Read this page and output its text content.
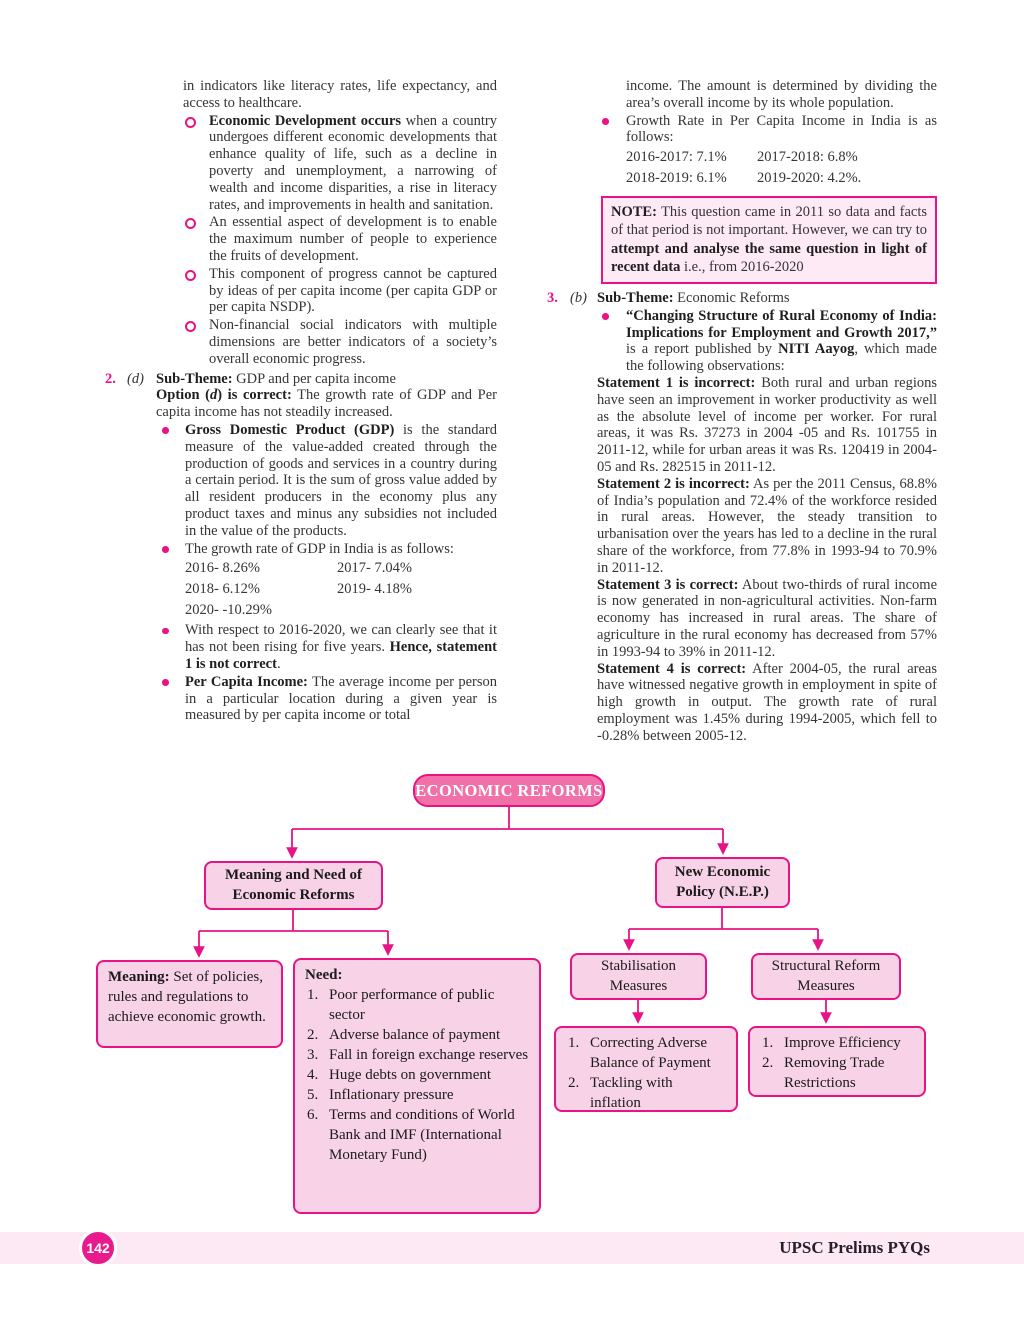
in indicators like literacy rates, life expectancy, and access to healthcare.

Economic Development occurs when a country undergoes different economic developments that enhance quality of life, such as a decline in poverty and unemployment, a narrowing of wealth and income disparities, a rise in literacy rates, and improvements in health and sanitation.

An essential aspect of development is to enable the maximum number of people to experience the fruits of development.

This component of progress cannot be captured by ideas of per capita income (per capita GDP or per capita NSDP).

Non-financial social indicators with multiple dimensions are better indicators of a society’s overall economic progress.

2. (d) Sub-Theme: GDP and per capita income

Option (d) is correct: The growth rate of GDP and Per capita income has not steadily increased.

Gross Domestic Product (GDP) is the standard measure of the value-added created through the production of goods and services in a country during a certain period. It is the sum of gross value added by all resident producers in the economy plus any product taxes and minus any subsidies not included in the value of the products.

The growth rate of GDP in India is as follows:

2016- 8.26%	2017- 7.04%
2018- 6.12%	2019- 4.18%
2020- -10.29%

With respect to 2016-2020, we can clearly see that it has not been rising for five years. Hence, statement 1 is not correct.

Per Capita Income: The average income per person in a particular location during a given year is measured by per capita income or total

income. The amount is determined by dividing the area’s overall income by its whole population.

Growth Rate in Per Capita Income in India is as follows:

2016-2017: 7.1% 2017-2018: 6.8%
2018-2019: 6.1% 2019-2020: 4.2%.
NOTE: This question came in 2011 so data and facts of that period is not important. However, we can try to attempt and analyse the same question in light of recent data i.e., from 2016-2020
3. (b) Sub-Theme: Economic Reforms

“Changing Structure of Rural Economy of India: Implications for Employment and Growth 2017,” is a report published by NITI Aayog, which made the following observations:

Statement 1 is incorrect: Both rural and urban regions have seen an improvement in worker productivity as well as the absolute level of income per worker. For rural areas, it was Rs. 37273 in 2004 -05 and Rs. 101755 in 2011-12, while for urban areas it was Rs. 120419 in 2004-05 and Rs. 282515 in 2011-12.

Statement 2 is incorrect: As per the 2011 Census, 68.8% of India’s population and 72.4% of the workforce resided in rural areas. However, the steady transition to urbanisation over the years has led to a decline in the rural share of the workforce, from 77.8% in 1993-94 to 70.9% in 2011-12.

Statement 3 is correct: About two-thirds of rural income is now generated in non-agricultural activities. Non-farm economy has increased in rural areas. The share of agriculture in the rural economy has decreased from 57% in 1993-94 to 39% in 2011-12.

Statement 4 is correct: After 2004-05, the rural areas have witnessed negative growth in employment in spite of high growth in output. The growth rate of rural employment was 1.45% during 1994-2005, which fell to -0.28% between 2005-12.

ECONOMIC REFORMS
Meaning and Need of Economic Reforms
New Economic Policy (N.E.P.)
Meaning: Set of policies, rules and regulations to achieve economic growth.
Need:
1. Poor performance of public sector
2. Adverse balance of payment
3. Fall in foreign exchange reserves
4. Huge debts on government
5. Inflationary pressure
6. Terms and conditions of World Bank and IMF (International Monetary Fund)
Stabilisation Measures
Structural Reform Measures
1. Correcting Adverse Balance of Payment
2. Tackling with inflation
1. Improve Efficiency
2. Removing Trade Restrictions
142	UPSC Prelims PYQs
